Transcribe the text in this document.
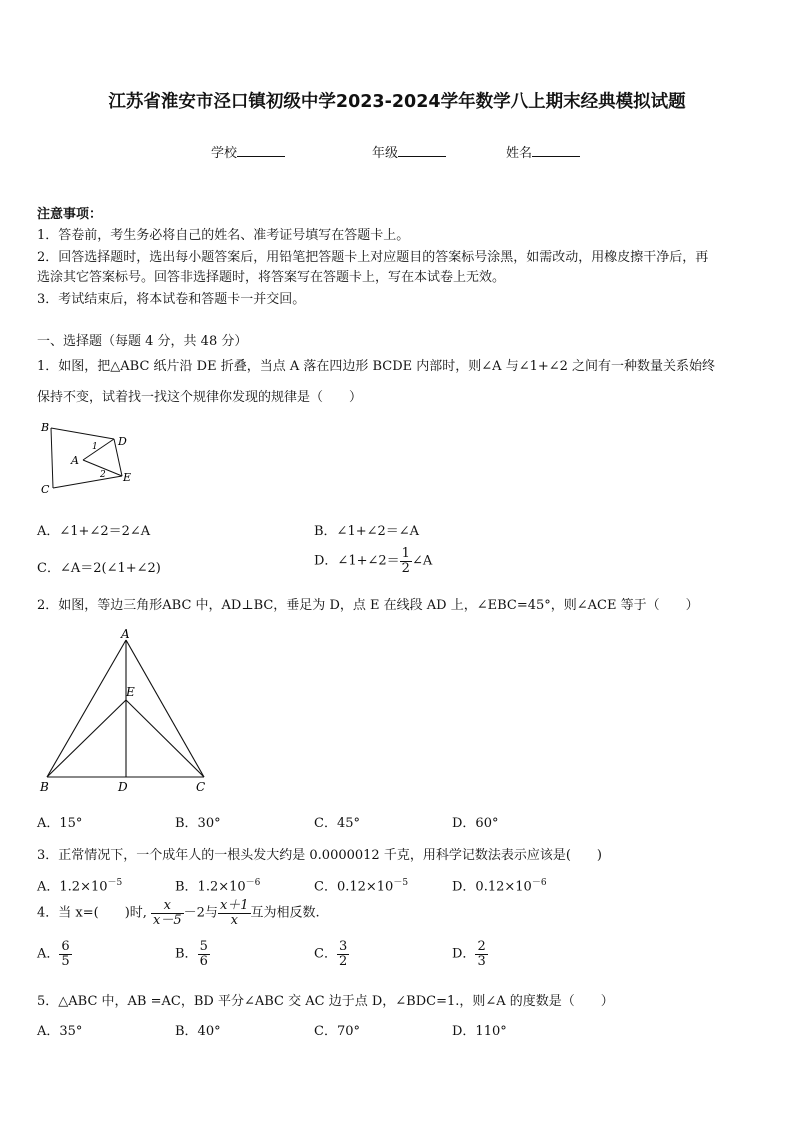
江苏省淮安市泾口镇初级中学2023-2024学年数学八上期末经典模拟试题
学校	年级	姓名
注意事项：
1．答卷前，考生务必将自己的姓名、准考证号填写在答题卡上。
2．回答选择题时，选出每小题答案后，用铅笔把答题卡上对应题目的答案标号涂黑，如需改动，用橡皮擦干净后，再
选涂其它答案标号。回答非选择题时，将答案写在答题卡上，写在本试卷上无效。
3．考试结束后，将本试卷和答题卡一并交回。
一、选择题（每题 4 分，共 48 分）
1．如图，把△ABC 纸片沿 DE 折叠，当点 A 落在四边形 BCDE 内部时，则∠A 与∠1+∠2 之间有一种数量关系始终
保持不变，试着找一找这个规律你发现的规律是（　　）
B
C
D
E
A
1
2
A．∠1+∠2＝2∠A	B．∠1+∠2＝∠A
C．∠A＝2(∠1+∠2)	D．∠1+∠2＝ $\frac{1}{2}$ ∠A
2．如图，等边三角形ABC 中，AD⊥BC，垂足为 D，点 E 在线段 AD 上，∠EBC=45°，则∠ACE 等于（　　）
A
E
B	D	C
A．15°	B．30°	C．45°	D．60°
3．正常情况下，一个成年人的一根头发大约是 0.0000012 千克，用科学记数法表示应该是(　　)
A．$1.2\times 10^{-5}$	B．$1.2\times 10^{-6}$	C．$0.12\times 10^{-5}$	D．$0.12\times 10^{-6}$
4．当 x=(　　)时, $\frac{x}{x-5} -2$与 $\frac{x+1}{x}$ 互为相反数.
A． $\frac{6}{5}$	B． $\frac{5}{6}$	C． $\frac{3}{2}$	D． $\frac{2}{3}$
5．△ABC 中，AB =AC，BD 平分∠ABC 交 AC 边于点 D，∠BDC=1.，则∠A 的度数是（　　）
A．35°	B．40°	C．70°	D．110°
